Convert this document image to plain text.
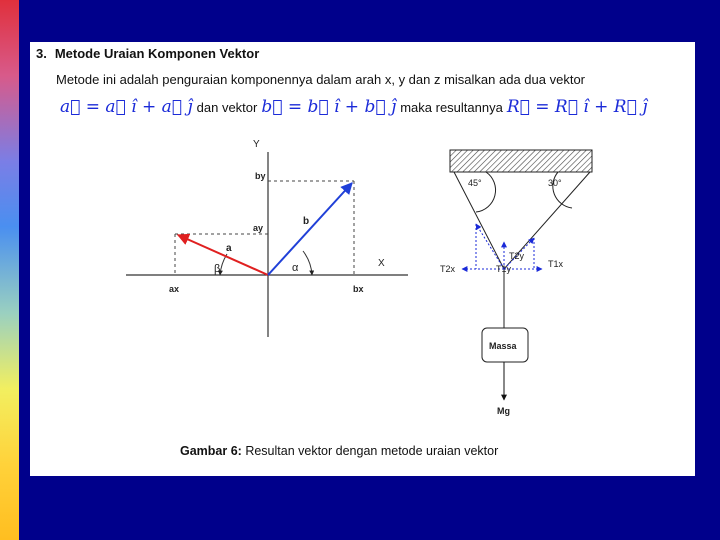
3. Metode Uraian Komponen Vektor
Metode ini adalah penguraian komponennya dalam arah x, y dan z misalkan ada dua vektor
a⃗ = a⃗ î + a⃗ ĵ dan vektor b⃗ = b⃗ î + b⃗ ĵ maka resultannya R⃗ = R⃗ î + R⃗ ĵ
Y
X
by
ay
ax	bx
a
b
β	α
45°	30°
T2y
T1y
T2x	T1x
Massa
Mg
Gambar 6: Resultan vektor dengan metode uraian vektor
